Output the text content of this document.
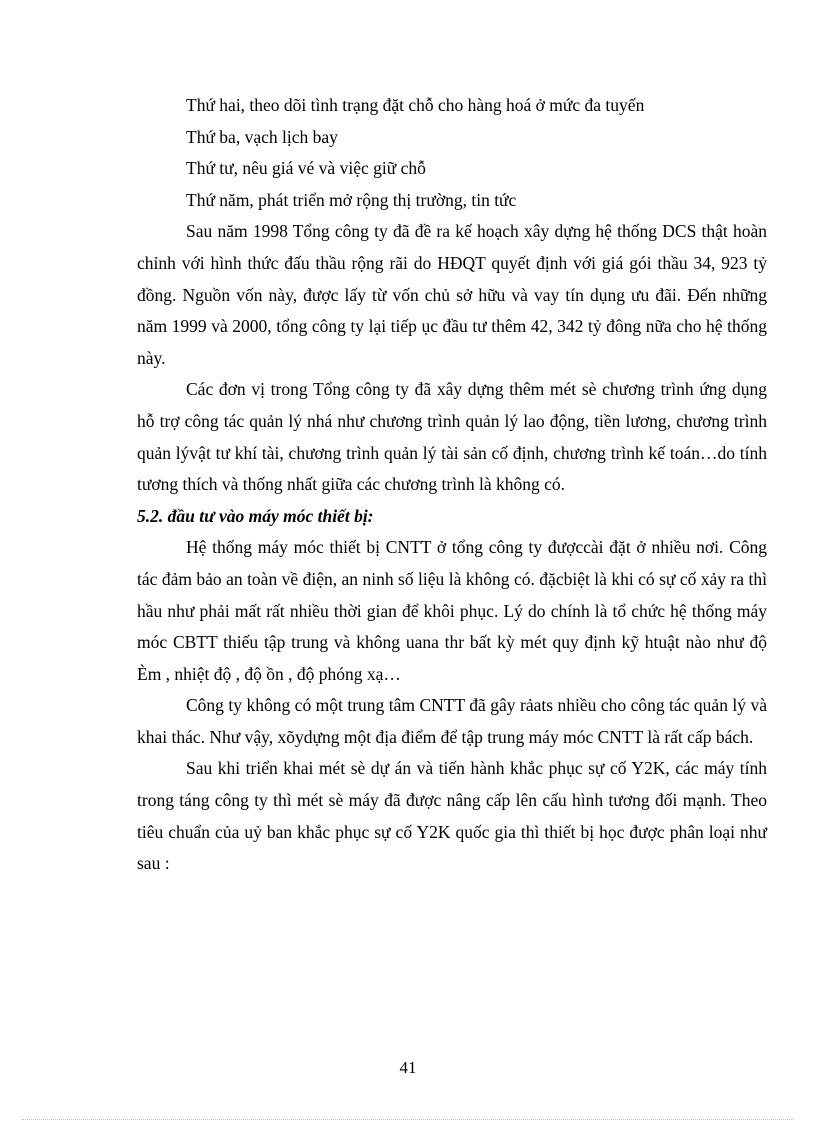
Thứ hai, theo dõi tình trạng đặt chỗ cho hàng hoá ở mức đa tuyến
Thứ ba, vạch lịch bay
Thứ tư, nêu giá vé và việc giữ chỗ
Thứ năm, phát triển mở rộng thị trường, tin tức

Sau năm 1998 Tổng công ty đã đề ra kế hoạch xây dựng hệ thống DCS thật hoàn chỉnh với hình thức đấu thầu rộng rãi do HĐQT quyết định với giá gói thầu 34, 923 tỷ đồng. Nguồn vốn này, được lấy từ vốn chủ sở hữu và vay tín dụng ưu đãi. Đến những năm 1999 và 2000, tổng công ty lại tiếp ục đầu tư thêm 42, 342 tỷ đông nữa cho hệ thống này.

Các đơn vị trong Tổng công ty đã xây dựng thêm mét sè chương trình ứng dụng hỗ trợ công tác quản lý nhá như chương trình quản lý lao động, tiền lương, chương trình quản lývật tư khí tài, chương trình quản lý tài sản cố định, chương trình kế toán…do tính tương thích và thống nhất giữa các chương trình là không có.

5.2. đầu tư vào máy móc thiết bị:

Hệ thống máy móc thiết bị CNTT ở tổng công ty đượccài đặt ở nhiều nơi. Công tác đảm bảo an toàn về điện, an ninh số liệu là không có. đặcbiệt là khi có sự cố xảy ra thì hầu như phải mất rất nhiều thời gian để khôi phục. Lý do chính là tổ chức hệ thống máy móc CBTT thiếu tập trung và không uana thr bất kỳ mét quy định kỹ htuật nào như độ Èm , nhiệt độ , độ ồn , độ phóng xạ…

Công ty không có một trung tâm CNTT đã gây rảats nhiều cho công tác quản lý và khai thác. Như vậy, xõydựng một địa điểm để tập trung máy móc CNTT là rất cấp bách.

Sau khi triển khai mét sè dự án và tiến hành khắc phục sự cố Y2K, các máy tính trong táng công ty thì mét sè máy đã được nâng cấp lên cấu hình tương đối mạnh. Theo tiêu chuẩn của uỷ ban khắc phục sự cố Y2K quốc gia thì thiết bị học được phân loại như sau :

41
